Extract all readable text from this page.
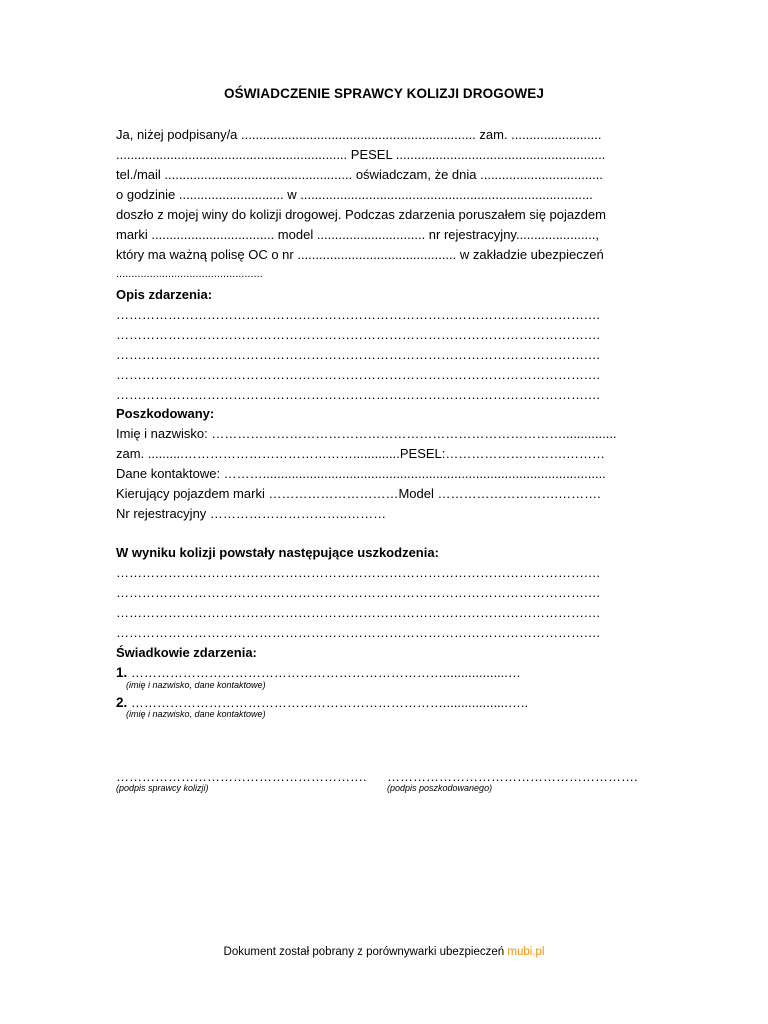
OŚWIADCZENIE SPRAWCY KOLIZJI DROGOWEJ
Ja, niżej podpisany/a ................................................................. zam. .........................
................................................................ PESEL ..........................................................
tel./mail .................................................... oświadczam, że dnia ..................................
o godzinie ............................. w .................................................................................
doszło z mojej winy do kolizji drogowej. Podczas zdarzenia poruszałem się pojazdem
marki .................................. model .............................. nr rejestracyjny......................,
który ma ważną polisę OC o nr ............................................ w zakładzie ubezpieczeń
................................................
Opis zdarzenia:
……………………………………………………………………………………………….…
……………………………………………………………………………………………….…
……………………………………………………………………………………………….…
……………………………………………………………………………………………….…
……………………………………………………………………………………………….…
Poszkodowany:
Imię i nazwisko: ………………………………………………………………………...............
zam. ..........………………………………….............PESEL:……………………….………
Dane kontaktowe: ………...............................................................................................
Kierujący pojazdem marki …………………………Model ……………………….……….
Nr rejestracyjny …………………………..………
W wyniku kolizji powstały następujące uszkodzenia:
……………………………………………………………………………………………….…
……………………………………………………………………………………………….…
……………………………………………………………………………………………….…
……………………………………………………………………………………………….…
Świadkowie zdarzenia:
1. ………………………………………………………………..................…
(imię i nazwisko, dane kontaktowe)
2. ………………………………………………………………..................…..
(imię i nazwisko, dane kontaktowe)
………………………………………………….
(podpis sprawcy kolizji)
………………………………………………….
(podpis poszkodowanego)
Dokument został pobrany z porównywarki ubezpieczeń mubi.pl
